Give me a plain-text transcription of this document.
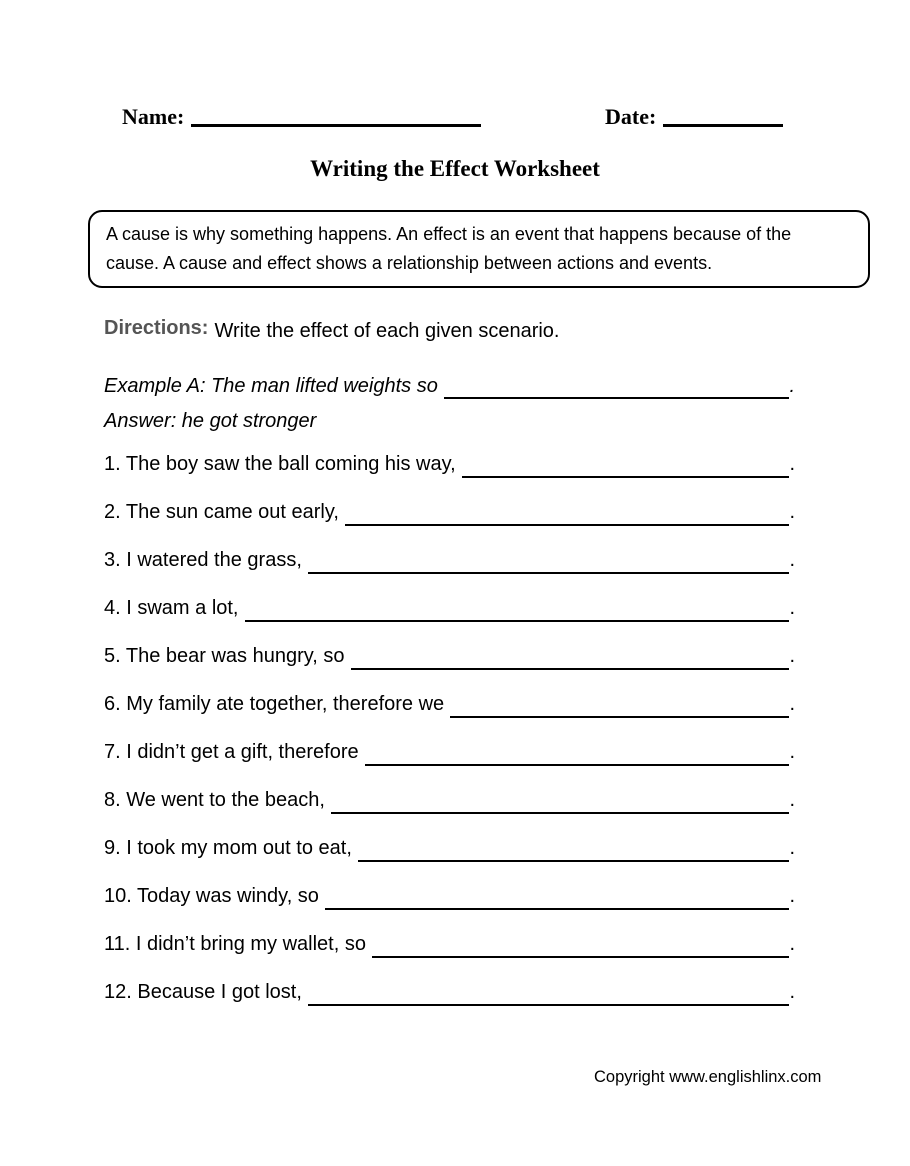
Name:	Date:
Writing the Effect Worksheet
A cause is why something happens. An effect is an event that happens because of the
cause. A cause and effect shows a relationship between actions and events.
Directions: Write the effect of each given scenario.
Example A: The man lifted weights so	.
Answer: he got stronger
1. The boy saw the ball coming his way,	.
2. The sun came out early,	.
3. I watered the grass,	.
4. I swam a lot,	.
5. The bear was hungry, so	.
6. My family ate together, therefore we	.
7. I didn’t get a gift, therefore	.
8. We went to the beach,	.
9. I took my mom out to eat,	.
10. Today was windy, so	.
11. I didn’t bring my wallet, so	.
12. Because I got lost,	.
Copyright www.englishlinx.com
